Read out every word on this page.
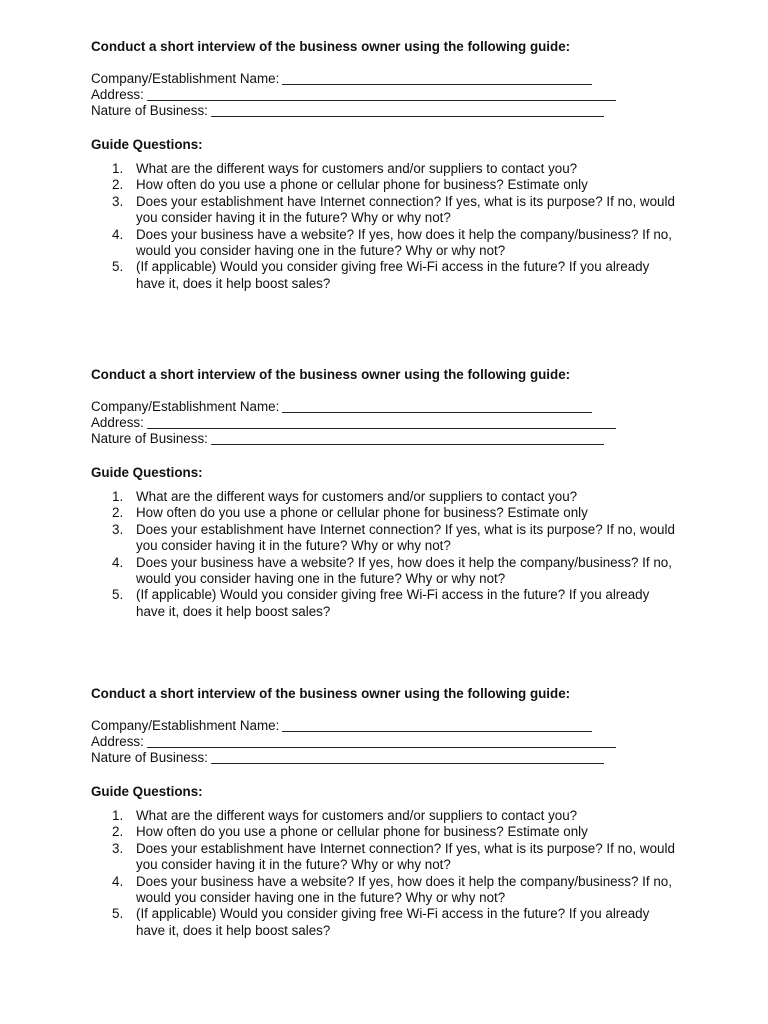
Conduct a short interview of the business owner using the following guide:
Company/Establishment Name:
Address:
Nature of Business:
Guide Questions:
1. What are the different ways for customers and/or suppliers to contact you?
2. How often do you use a phone or cellular phone for business? Estimate only
3. Does your establishment have Internet connection? If yes, what is its purpose? If no, would you consider having it in the future? Why or why not?
4. Does your business have a website? If yes, how does it help the company/business? If no, would you consider having one in the future? Why or why not?
5. (If applicable) Would you consider giving free Wi-Fi access in the future? If you already have it, does it help boost sales?
Conduct a short interview of the business owner using the following guide:
Company/Establishment Name:
Address:
Nature of Business:
Guide Questions:
1. What are the different ways for customers and/or suppliers to contact you?
2. How often do you use a phone or cellular phone for business? Estimate only
3. Does your establishment have Internet connection? If yes, what is its purpose? If no, would you consider having it in the future? Why or why not?
4. Does your business have a website? If yes, how does it help the company/business? If no, would you consider having one in the future? Why or why not?
5. (If applicable) Would you consider giving free Wi-Fi access in the future? If you already have it, does it help boost sales?
Conduct a short interview of the business owner using the following guide:
Company/Establishment Name:
Address:
Nature of Business:
Guide Questions:
1. What are the different ways for customers and/or suppliers to contact you?
2. How often do you use a phone or cellular phone for business? Estimate only
3. Does your establishment have Internet connection? If yes, what is its purpose? If no, would you consider having it in the future? Why or why not?
4. Does your business have a website? If yes, how does it help the company/business? If no, would you consider having one in the future? Why or why not?
5. (If applicable) Would you consider giving free Wi-Fi access in the future? If you already have it, does it help boost sales?
